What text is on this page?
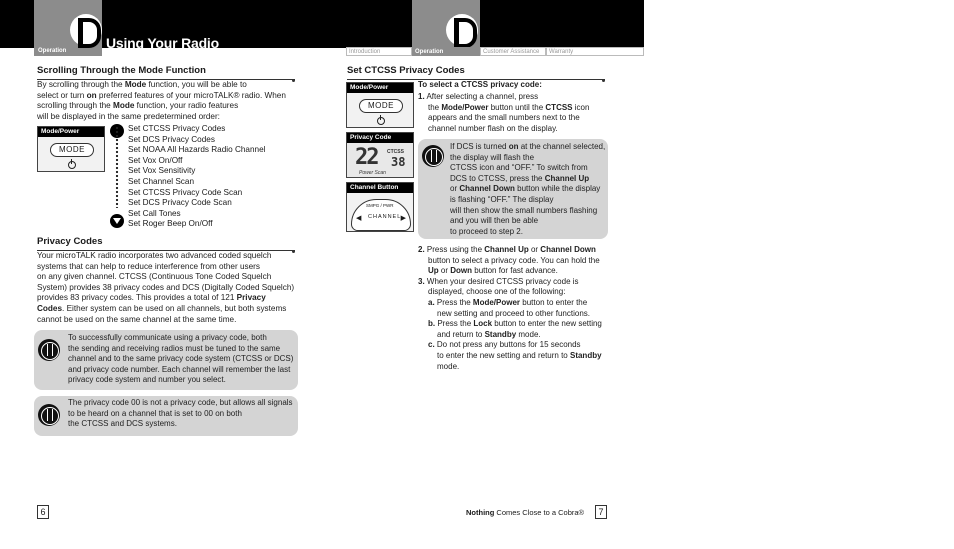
Operation	Using Your Radio
Introduction	Operation	Customer Assistance	Warranty
Scrolling Through the Mode Function
By scrolling through the Mode function, you will be able to
select or turn on preferred features of your microTALK® radio. When
scrolling through the Mode function, your radio features
will be displayed in the same predetermined order:
Mode/Power
MODE
Set CTCSS Privacy Codes
Set DCS Privacy Codes
Set NOAA All Hazards Radio Channel
Set Vox On/Off
Set Vox Sensitivity
Set Channel Scan
Set CTCSS Privacy Code Scan
Set DCS Privacy Code Scan
Set Call Tones
Set Roger Beep On/Off
Privacy Codes
Your microTALK radio incorporates two advanced coded squelch
systems that can help to reduce interference from other users
on any given channel. CTCSS (Continuous Tone Coded Squelch
System) provides 38 privacy codes and DCS (Digitally Coded Squelch)
provides 83 privacy codes. This provides a total of 121 Privacy
Codes. Either system can be used on all channels, but both systems
cannot be used on the same channel at the same time.
To successfully communicate using a privacy code, both
the sending and receiving radios must be tuned to the same
channel and to the same privacy code system (CTCSS or DCS)
and privacy code number. Each channel will remember the last
privacy code system and number you select.
The privacy code 00 is not a privacy code, but allows all signals
to be heard on a channel that is set to 00 on both
the CTCSS and DCS systems.
6
Set CTCSS Privacy Codes
Mode/Power
MODE
Privacy Code
22 CTCSS
38
Power Scan
Channel Button
SMPG / PWR
CHANNEL
◀	▶
To select a CTCSS privacy code:
1. After selecting a channel, press
the Mode/Power button until the CTCSS icon
appears and the small numbers next to the
channel number flash on the display.
If DCS is turned on at the channel selected,
the display will flash the
CTCSS icon and “OFF.” To switch from
DCS to CTCSS, press the Channel Up
or Channel Down button while the display
is flashing “OFF.” The display
will then show the small numbers flashing
and you will then be able
to proceed to step 2.
2. Press using the Channel Up or Channel Down
button to select a privacy code. You can hold the
Up or Down button for fast advance.
3. When your desired CTCSS privacy code is
displayed, choose one of the following:
a. Press the Mode/Power button to enter the
new setting and proceed to other functions.
b. Press the Lock button to enter the new setting
and return to Standby mode.
c. Do not press any buttons for 15 seconds
to enter the new setting and return to Standby
mode.
Nothing Comes Close to a Cobra®	7
